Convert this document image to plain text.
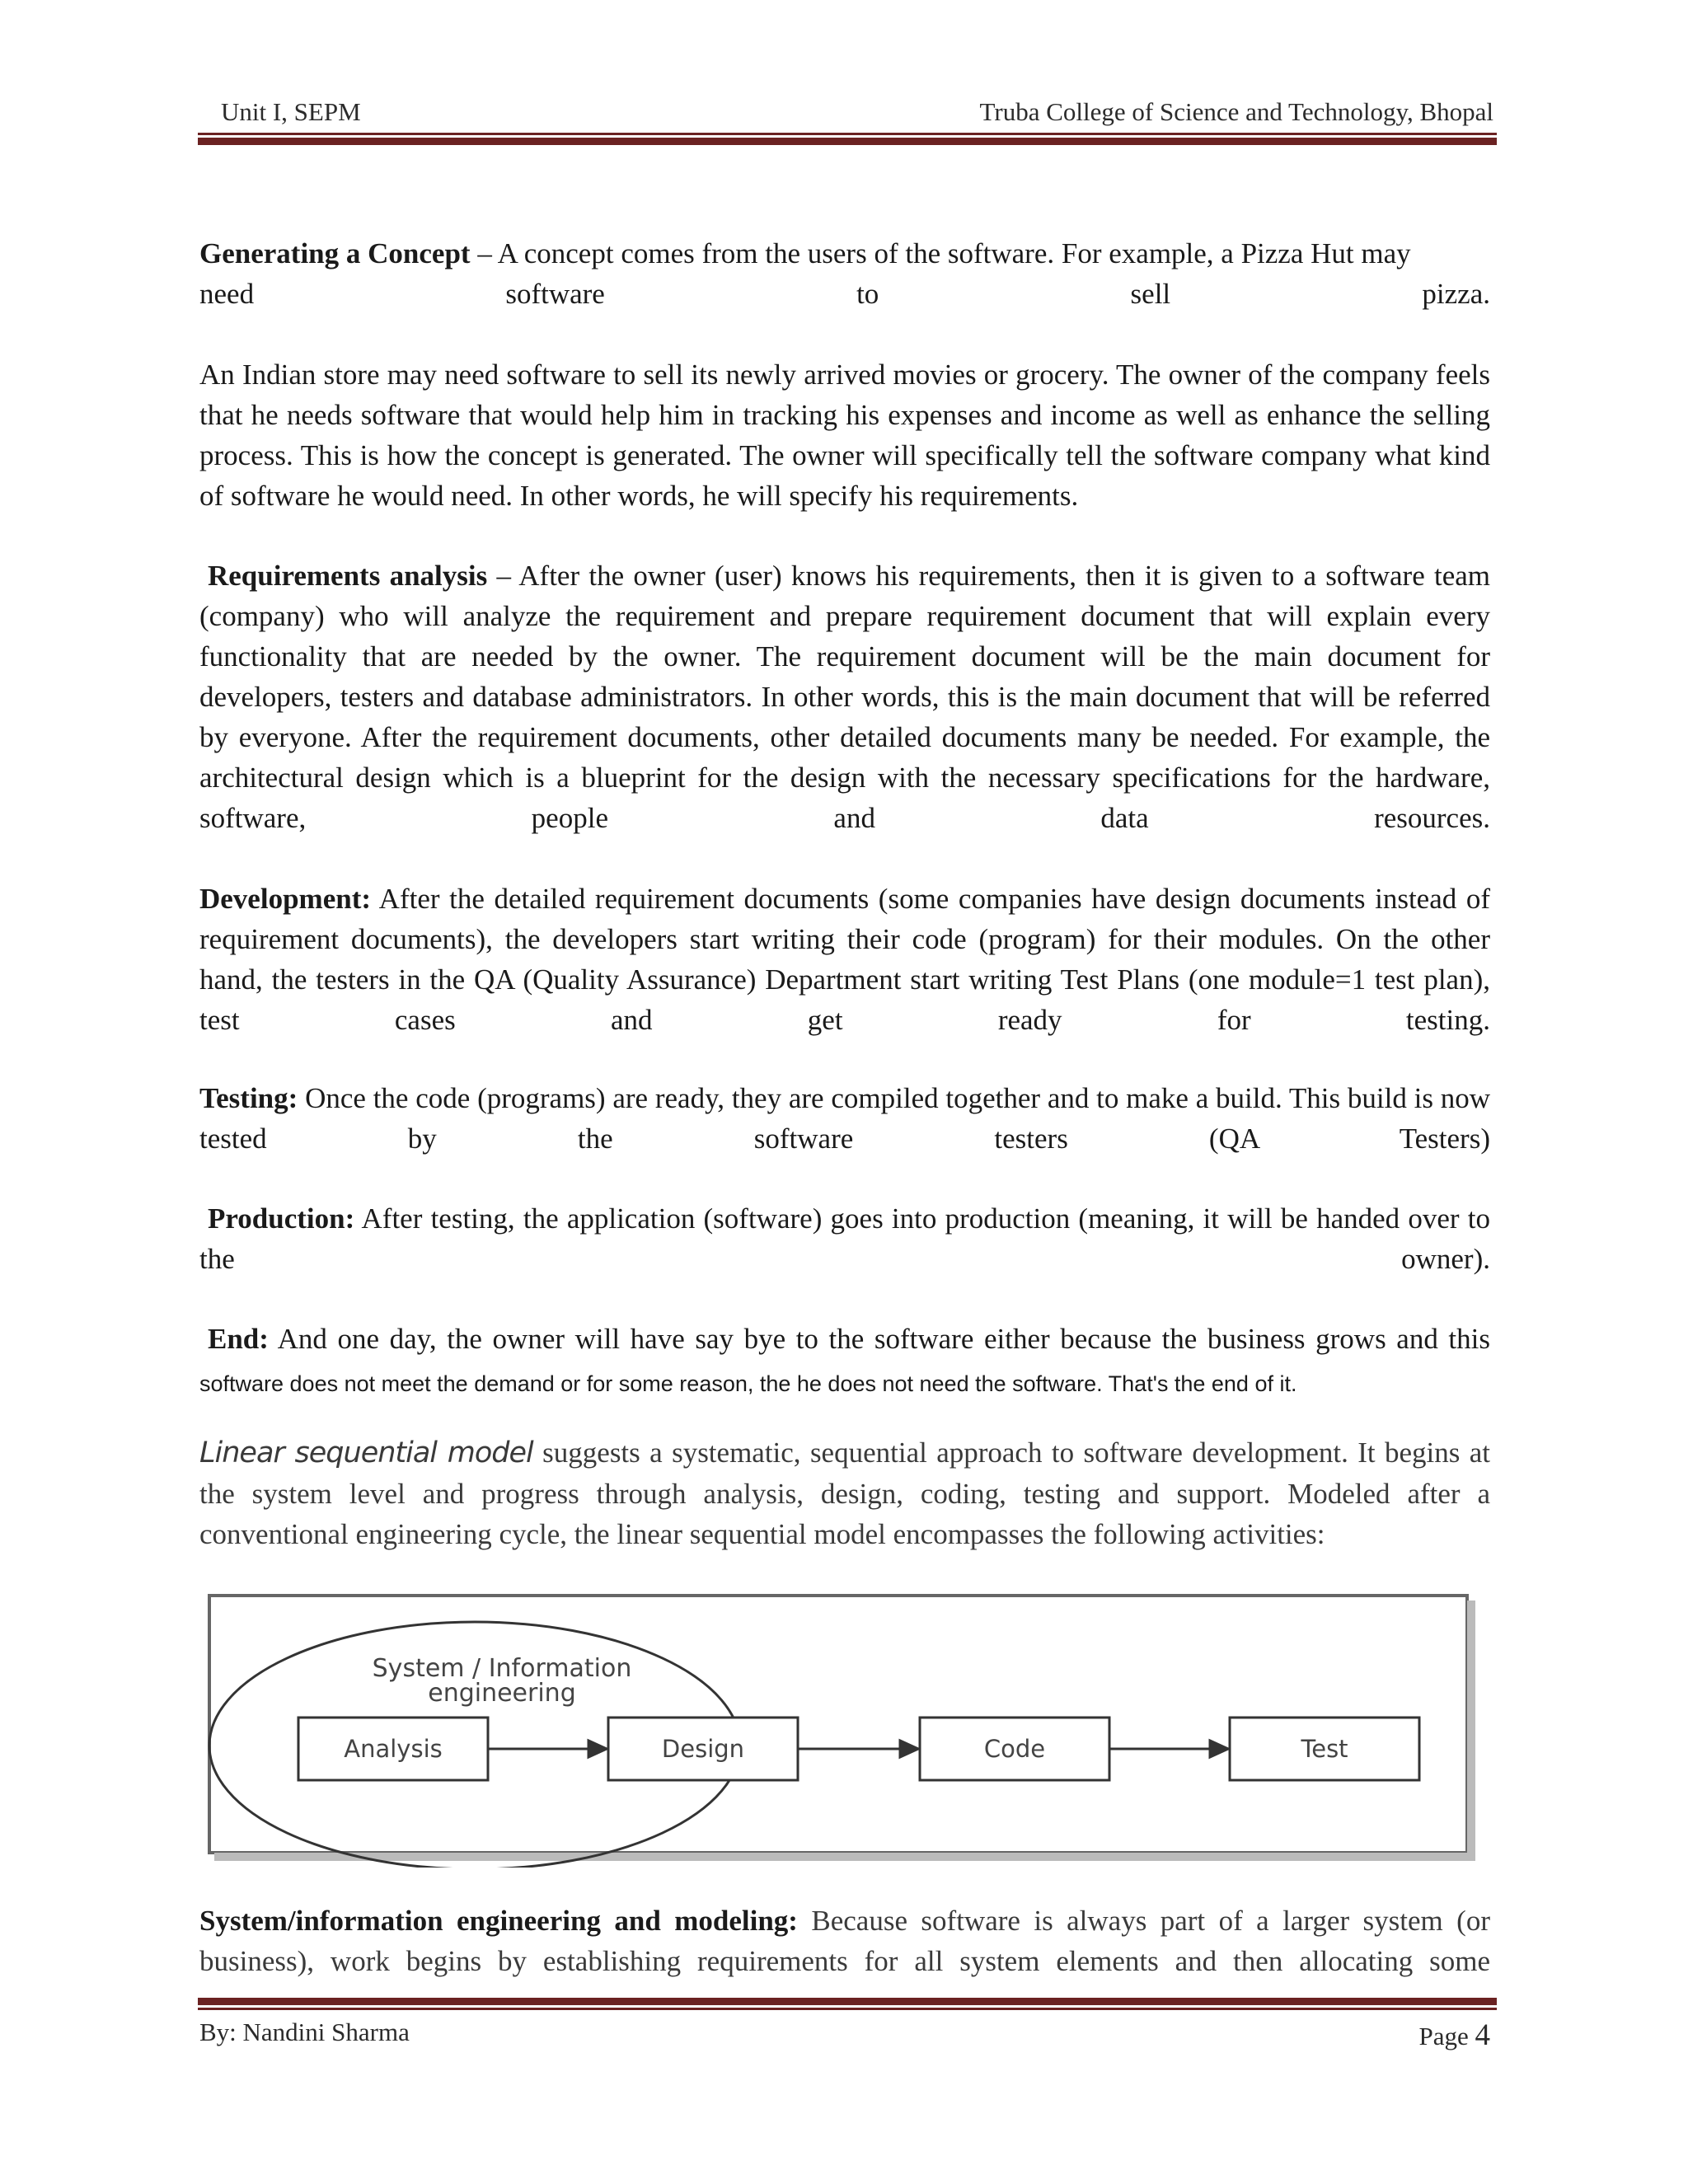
Unit I, SEPM	Truba College of Science and Technology, Bhopal
Generating a Concept – A concept comes from the users of the software. For example, a Pizza Hut may
need software to sell pizza.
An Indian store may need software to sell its newly arrived movies or grocery. The owner of the company feels that he needs software that would help him in tracking his expenses and income as well as enhance the selling process. This is how the concept is generated. The owner will specifically tell the software company what kind of software he would need. In other words, he will specify his requirements.
Requirements analysis – After the owner (user) knows his requirements, then it is given to a software team (company) who will analyze the requirement and prepare requirement document that will explain every functionality that are needed by the owner. The requirement document will be the main document for developers, testers and database administrators. In other words, this is the main document that will be referred by everyone. After the requirement documents, other detailed documents many be needed. For example, the architectural design which is a blueprint for the design with the necessary specifications for the hardware, software, people and data resources.
Development: After the detailed requirement documents (some companies have design documents instead of requirement documents), the developers start writing their code (program) for their modules. On the other hand, the testers in the QA (Quality Assurance) Department start writing Test Plans (one module=1 test plan), test cases and get ready for testing.
Testing: Once the code (programs) are ready, they are compiled together and to make a build. This build is now tested by the software testers (QA Testers)
Production: After testing, the application (software) goes into production (meaning, it will be handed over to the owner).
End: And one day, the owner will have say bye to the software either because the business grows and this software does not meet the demand or for some reason, the he does not need the software. That's the end of it.
Linear sequential model suggests a systematic, sequential approach to software development. It begins at the system level and progress through analysis, design, coding, testing and support. Modeled after a conventional engineering cycle, the linear sequential model encompasses the following activities:
System / Information
engineering
Analysis	Design	Code	Test
System/information engineering and modeling: Because software is always part of a larger system (or business), work begins by establishing requirements for all system elements and then allocating some
By: Nandini Sharma	Page 4
